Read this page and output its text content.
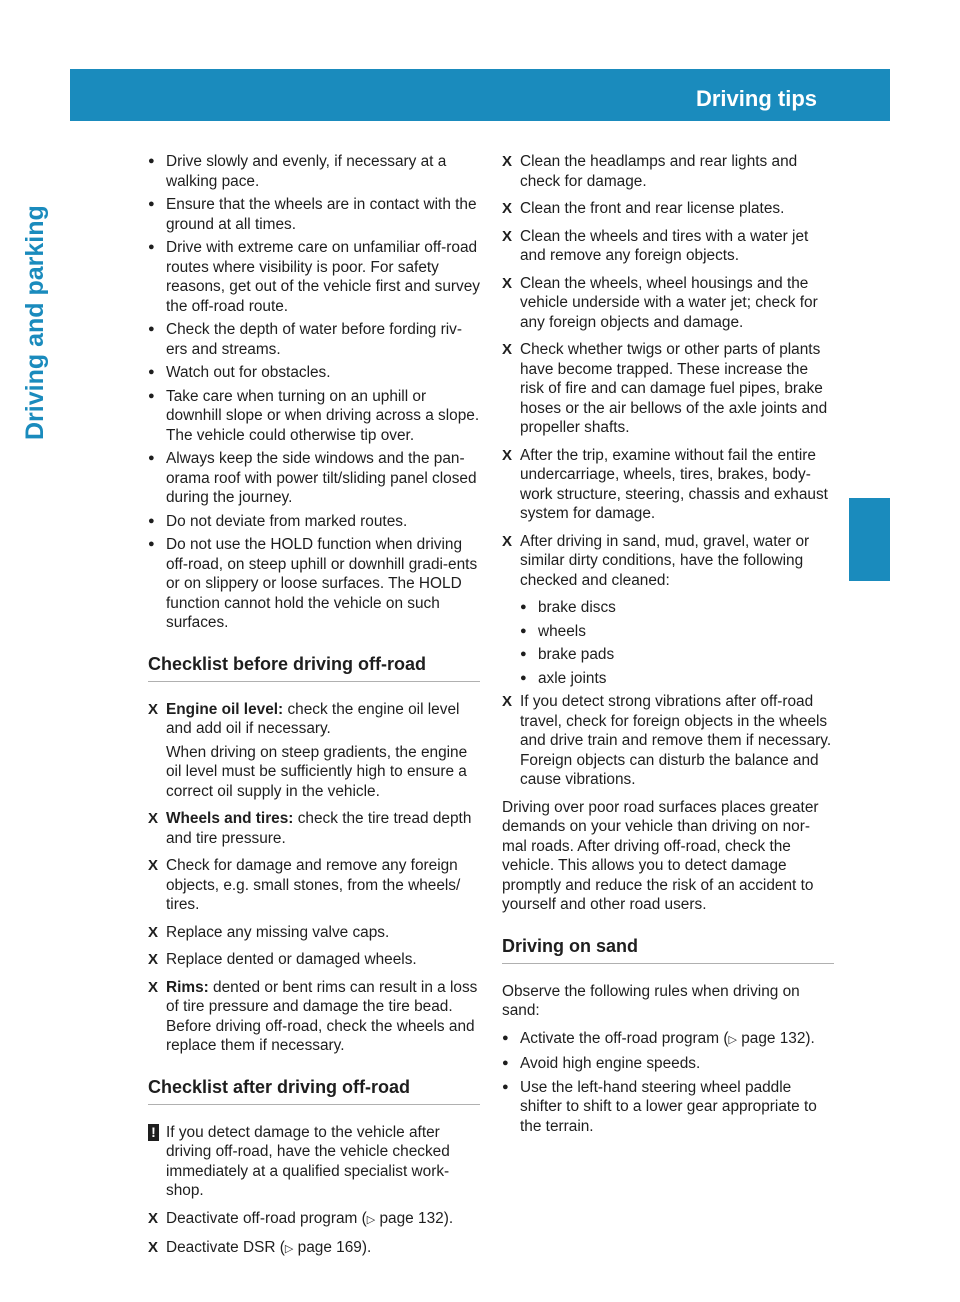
Driving tips	155
Driving and parking
● Drive slowly and evenly, if necessary at a walking pace.
● Ensure that the wheels are in contact with the ground at all times.
● Drive with extreme care on unfamiliar off-road routes where visibility is poor. For safety reasons, get out of the vehicle first and survey the off-road route.
● Check the depth of water before fording riv-ers and streams.
● Watch out for obstacles.
● Take care when turning on an uphill or downhill slope or when driving across a slope. The vehicle could otherwise tip over.
● Always keep the side windows and the pan-orama roof with power tilt/sliding panel closed during the journey.
● Do not deviate from marked routes.
● Do not use the HOLD function when driving off-road, on steep uphill or downhill gradi-ents or on slippery or loose surfaces. The HOLD function cannot hold the vehicle on such surfaces.
Checklist before driving off-road
X Engine oil level: check the engine oil level and add oil if necessary.
When driving on steep gradients, the engine oil level must be sufficiently high to ensure a correct oil supply in the vehicle.
X Wheels and tires: check the tire tread depth and tire pressure.
X Check for damage and remove any foreign objects, e.g. small stones, from the wheels/ tires.
X Replace any missing valve caps.
X Replace dented or damaged wheels.
X Rims: dented or bent rims can result in a loss of tire pressure and damage the tire bead. Before driving off-road, check the wheels and replace them if necessary.
Checklist after driving off-road
! If you detect damage to the vehicle after driving off-road, have the vehicle checked immediately at a qualified specialist work-shop.
X Deactivate off-road program (▷ page 132).
X Deactivate DSR (▷ page 169).
X Clean the headlamps and rear lights and check for damage.
X Clean the front and rear license plates.
X Clean the wheels and tires with a water jet and remove any foreign objects.
X Clean the wheels, wheel housings and the vehicle underside with a water jet; check for any foreign objects and damage.
X Check whether twigs or other parts of plants have become trapped. These increase the risk of fire and can damage fuel pipes, brake hoses or the air bellows of the axle joints and propeller shafts.
X After the trip, examine without fail the entire undercarriage, wheels, tires, brakes, body-work structure, steering, chassis and exhaust system for damage.
X After driving in sand, mud, gravel, water or similar dirty conditions, have the following checked and cleaned:
● brake discs
● wheels
● brake pads
● axle joints
X If you detect strong vibrations after off-road travel, check for foreign objects in the wheels and drive train and remove them if necessary. Foreign objects can disturb the balance and cause vibrations.
Driving over poor road surfaces places greater demands on your vehicle than driving on nor-mal roads. After driving off-road, check the vehicle. This allows you to detect damage promptly and reduce the risk of an accident to yourself and other road users.
Driving on sand
Observe the following rules when driving on sand:
● Activate the off-road program (▷ page 132).
● Avoid high engine speeds.
● Use the left-hand steering wheel paddle shifter to shift to a lower gear appropriate to the terrain.
